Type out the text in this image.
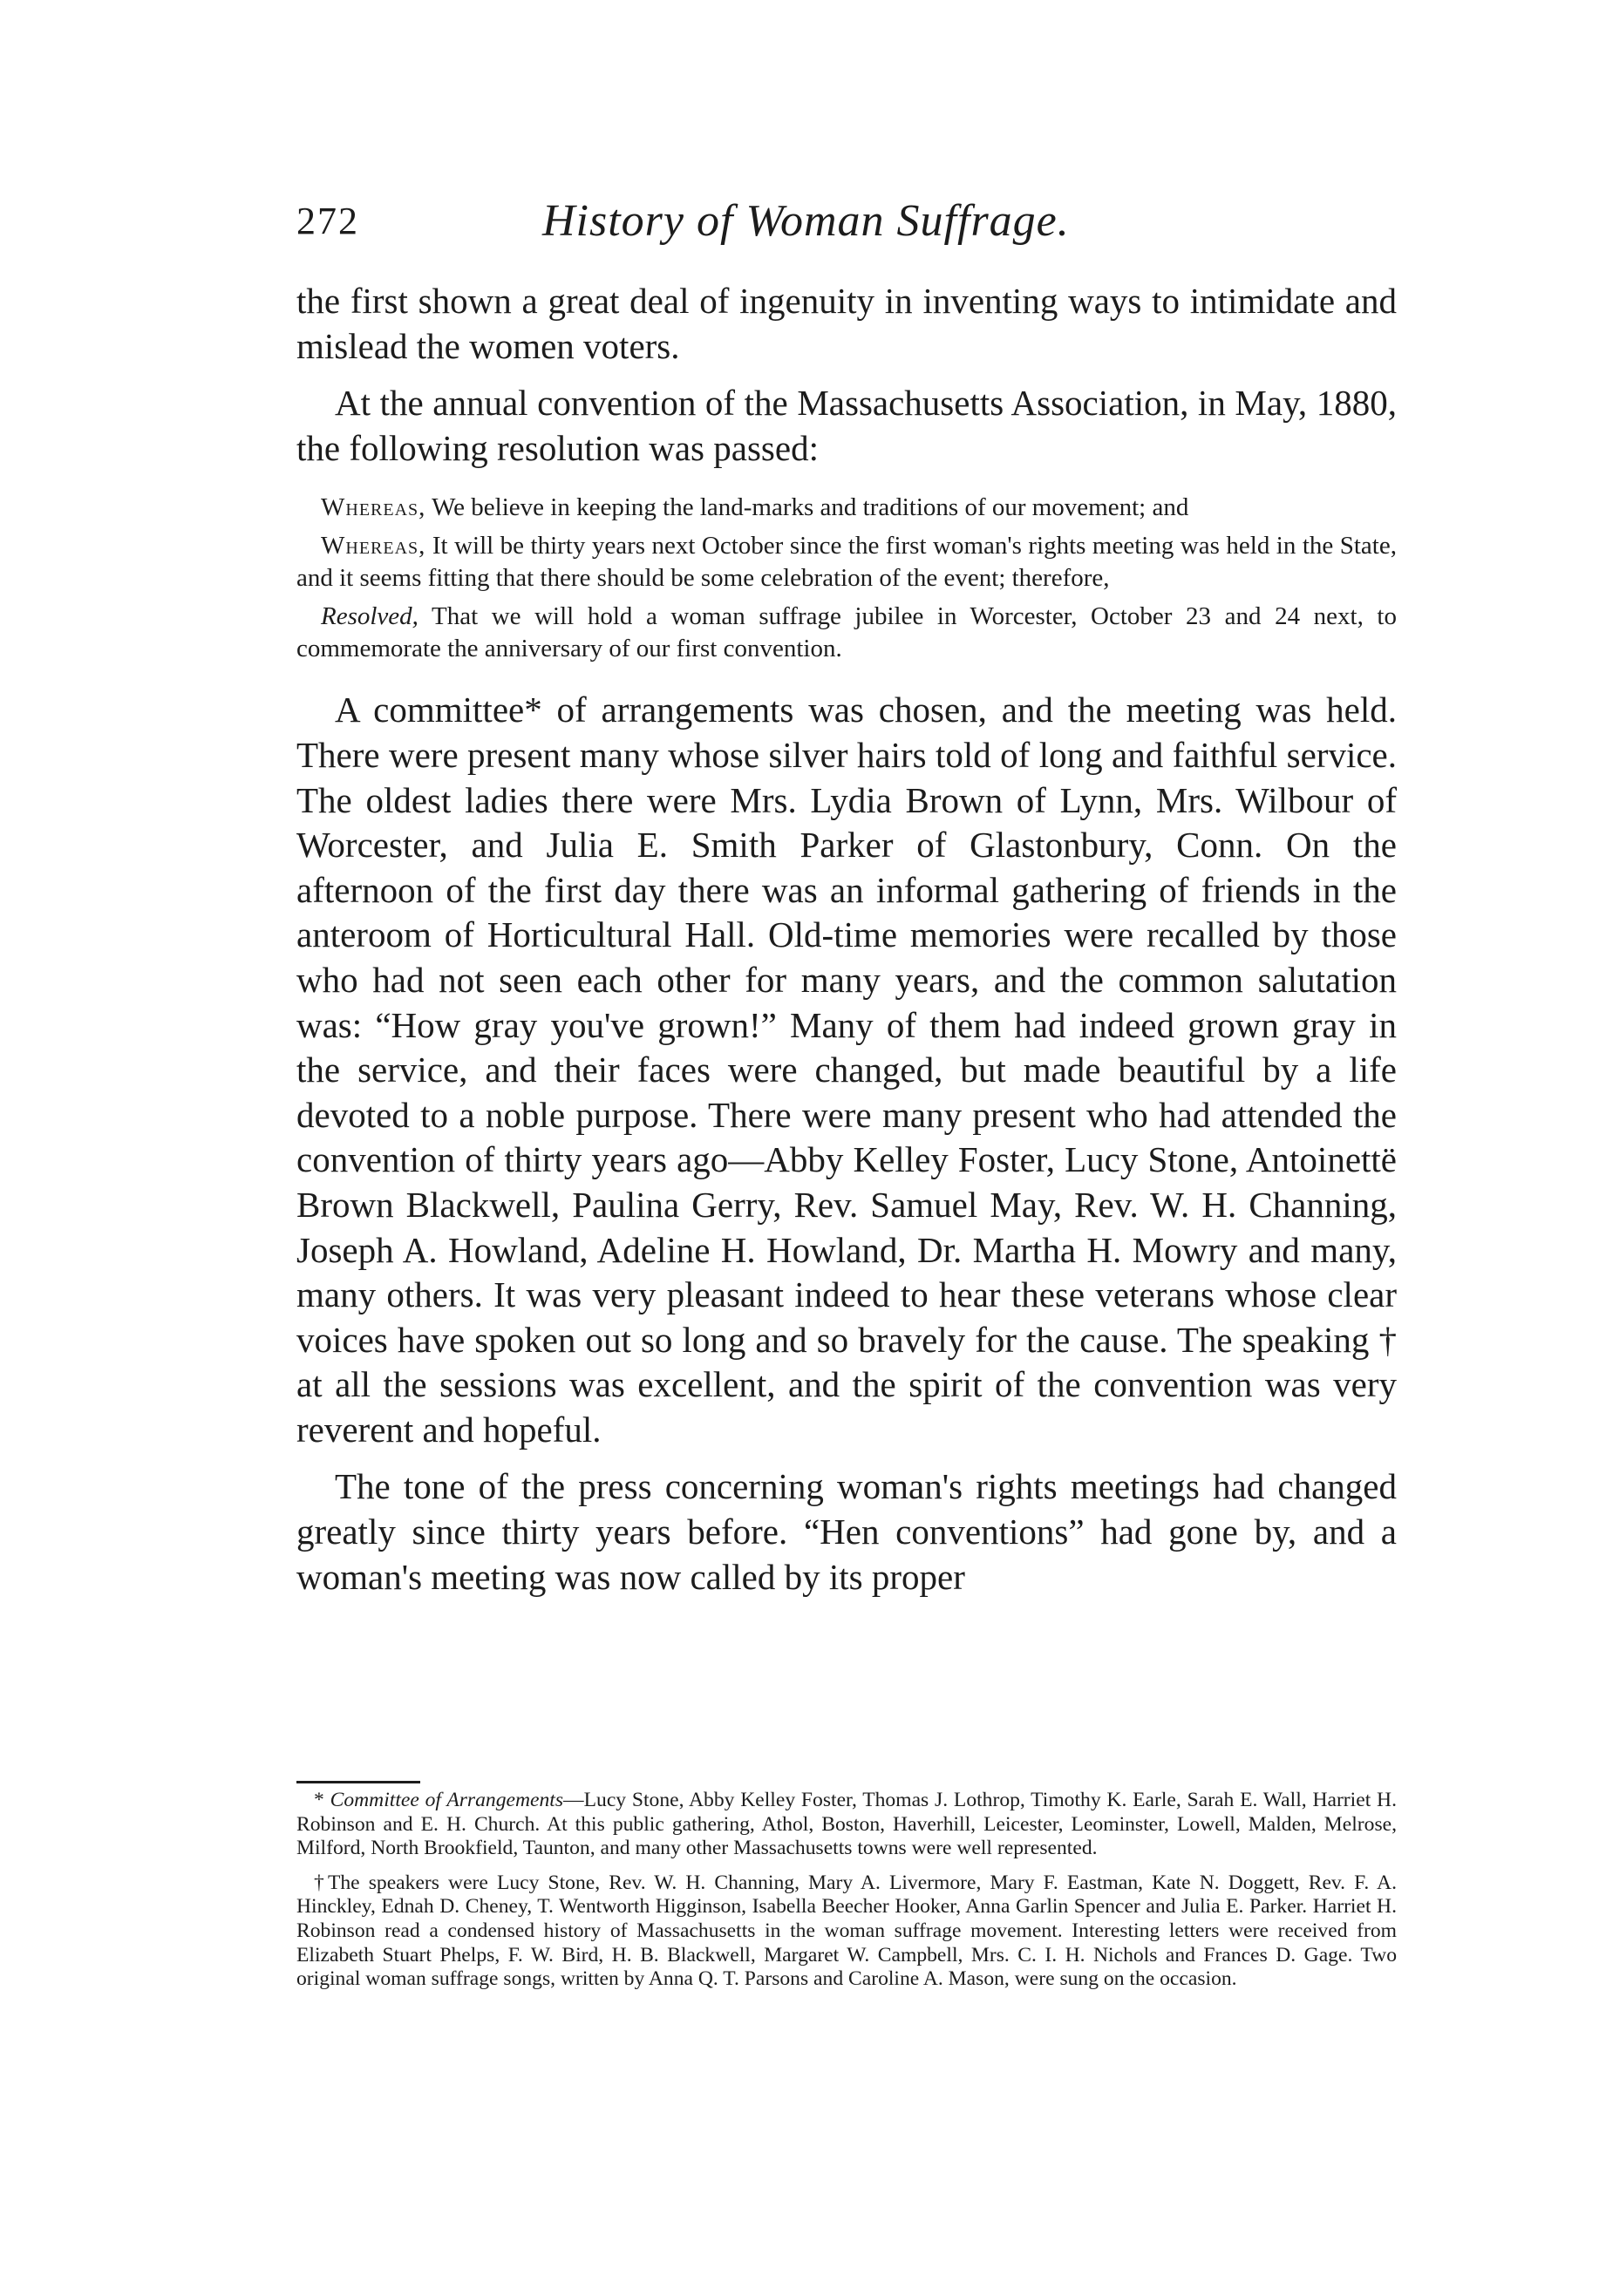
272	History of Woman Suffrage.

the first shown a great deal of ingenuity in inventing ways to intimidate and mislead the women voters.

At the annual convention of the Massachusetts Association, in May, 1880, the following resolution was passed:

Whereas, We believe in keeping the land-marks and traditions of our movement; and

Whereas, It will be thirty years next October since the first woman's rights meeting was held in the State, and it seems fitting that there should be some celebration of the event; therefore,

Resolved, That we will hold a woman suffrage jubilee in Worcester, October 23 and 24 next, to commemorate the anniversary of our first convention.

A committee* of arrangements was chosen, and the meeting was held. There were present many whose silver hairs told of long and faithful service. The oldest ladies there were Mrs. Lydia Brown of Lynn, Mrs. Wilbour of Worcester, and Julia E. Smith Parker of Glastonbury, Conn. On the afternoon of the first day there was an informal gathering of friends in the anteroom of Horticultural Hall. Old-time memories were recalled by those who had not seen each other for many years, and the common salutation was: “How gray you've grown!” Many of them had indeed grown gray in the service, and their faces were changed, but made beautiful by a life devoted to a noble purpose. There were many present who had attended the convention of thirty years ago—Abby Kelley Foster, Lucy Stone, Antoinettë Brown Blackwell, Paulina Gerry, Rev. Samuel May, Rev. W. H. Channing, Joseph A. Howland, Adeline H. Howland, Dr. Martha H. Mowry and many, many others. It was very pleasant indeed to hear these veterans whose clear voices have spoken out so long and so bravely for the cause. The speaking † at all the sessions was excellent, and the spirit of the convention was very reverent and hopeful.

The tone of the press concerning woman's rights meetings had changed greatly since thirty years before. “Hen conventions” had gone by, and a woman's meeting was now called by its proper

* Committee of Arrangements—Lucy Stone, Abby Kelley Foster, Thomas J. Lothrop, Timothy K. Earle, Sarah E. Wall, Harriet H. Robinson and E. H. Church. At this public gathering, Athol, Boston, Haverhill, Leicester, Leominster, Lowell, Malden, Melrose, Milford, North Brookfield, Taunton, and many other Massachusetts towns were well represented.

†The speakers were Lucy Stone, Rev. W. H. Channing, Mary A. Livermore, Mary F. Eastman, Kate N. Doggett, Rev. F. A. Hinckley, Ednah D. Cheney, T. Wentworth Higginson, Isabella Beecher Hooker, Anna Garlin Spencer and Julia E. Parker. Harriet H. Robinson read a condensed history of Massachusetts in the woman suffrage movement. Interesting letters were received from Elizabeth Stuart Phelps, F. W. Bird, H. B. Blackwell, Margaret W. Campbell, Mrs. C. I. H. Nichols and Frances D. Gage. Two original woman suffrage songs, written by Anna Q. T. Parsons and Caroline A. Mason, were sung on the occasion.
